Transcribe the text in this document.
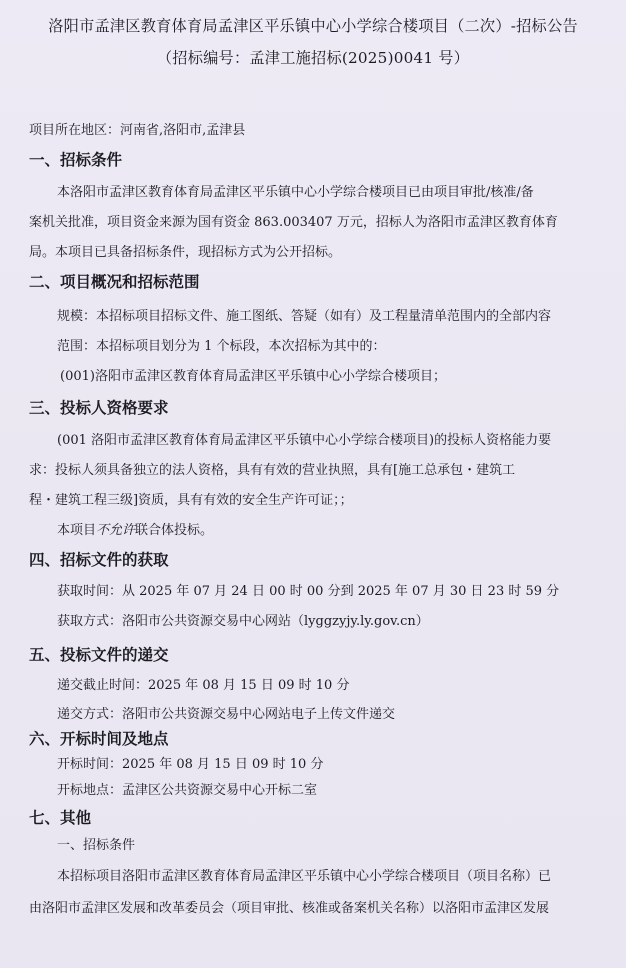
洛阳市孟津区教育体育局孟津区平乐镇中心小学综合楼项目（二次）-招标公告
（招标编号：孟津工施招标(2025)0041 号）
项目所在地区：河南省,洛阳市,孟津县
一、招标条件
本洛阳市孟津区教育体育局孟津区平乐镇中心小学综合楼项目已由项目审批/核准/备
案机关批准，项目资金来源为国有资金 863.003407 万元，招标人为洛阳市孟津区教育体育
局。本项目已具备招标条件，现招标方式为公开招标。
二、项目概况和招标范围
规模：本招标项目招标文件、施工图纸、答疑（如有）及工程量清单范围内的全部内容
范围：本招标项目划分为 1 个标段，本次招标为其中的：
(001)洛阳市孟津区教育体育局孟津区平乐镇中心小学综合楼项目；
三、投标人资格要求
(001 洛阳市孟津区教育体育局孟津区平乐镇中心小学综合楼项目)的投标人资格能力要
求：投标人须具备独立的法人资格，具有有效的营业执照，具有[施工总承包・建筑工
程・建筑工程三级]资质，具有有效的安全生产许可证；；
本项目不允许联合体投标。
四、招标文件的获取
获取时间：从 2025 年 07 月 24 日 00 时 00 分到 2025 年 07 月 30 日 23 时 59 分
获取方式：洛阳市公共资源交易中心网站（lyggzyjy.ly.gov.cn）
五、投标文件的递交
递交截止时间：2025 年 08 月 15 日 09 时 10 分
递交方式：洛阳市公共资源交易中心网站电子上传文件递交
六、开标时间及地点
开标时间：2025 年 08 月 15 日 09 时 10 分
开标地点：孟津区公共资源交易中心开标二室
七、其他
一、招标条件
本招标项目洛阳市孟津区教育体育局孟津区平乐镇中心小学综合楼项目（项目名称）已
由洛阳市孟津区发展和改革委员会（项目审批、核准或备案机关名称）以洛阳市孟津区发展
